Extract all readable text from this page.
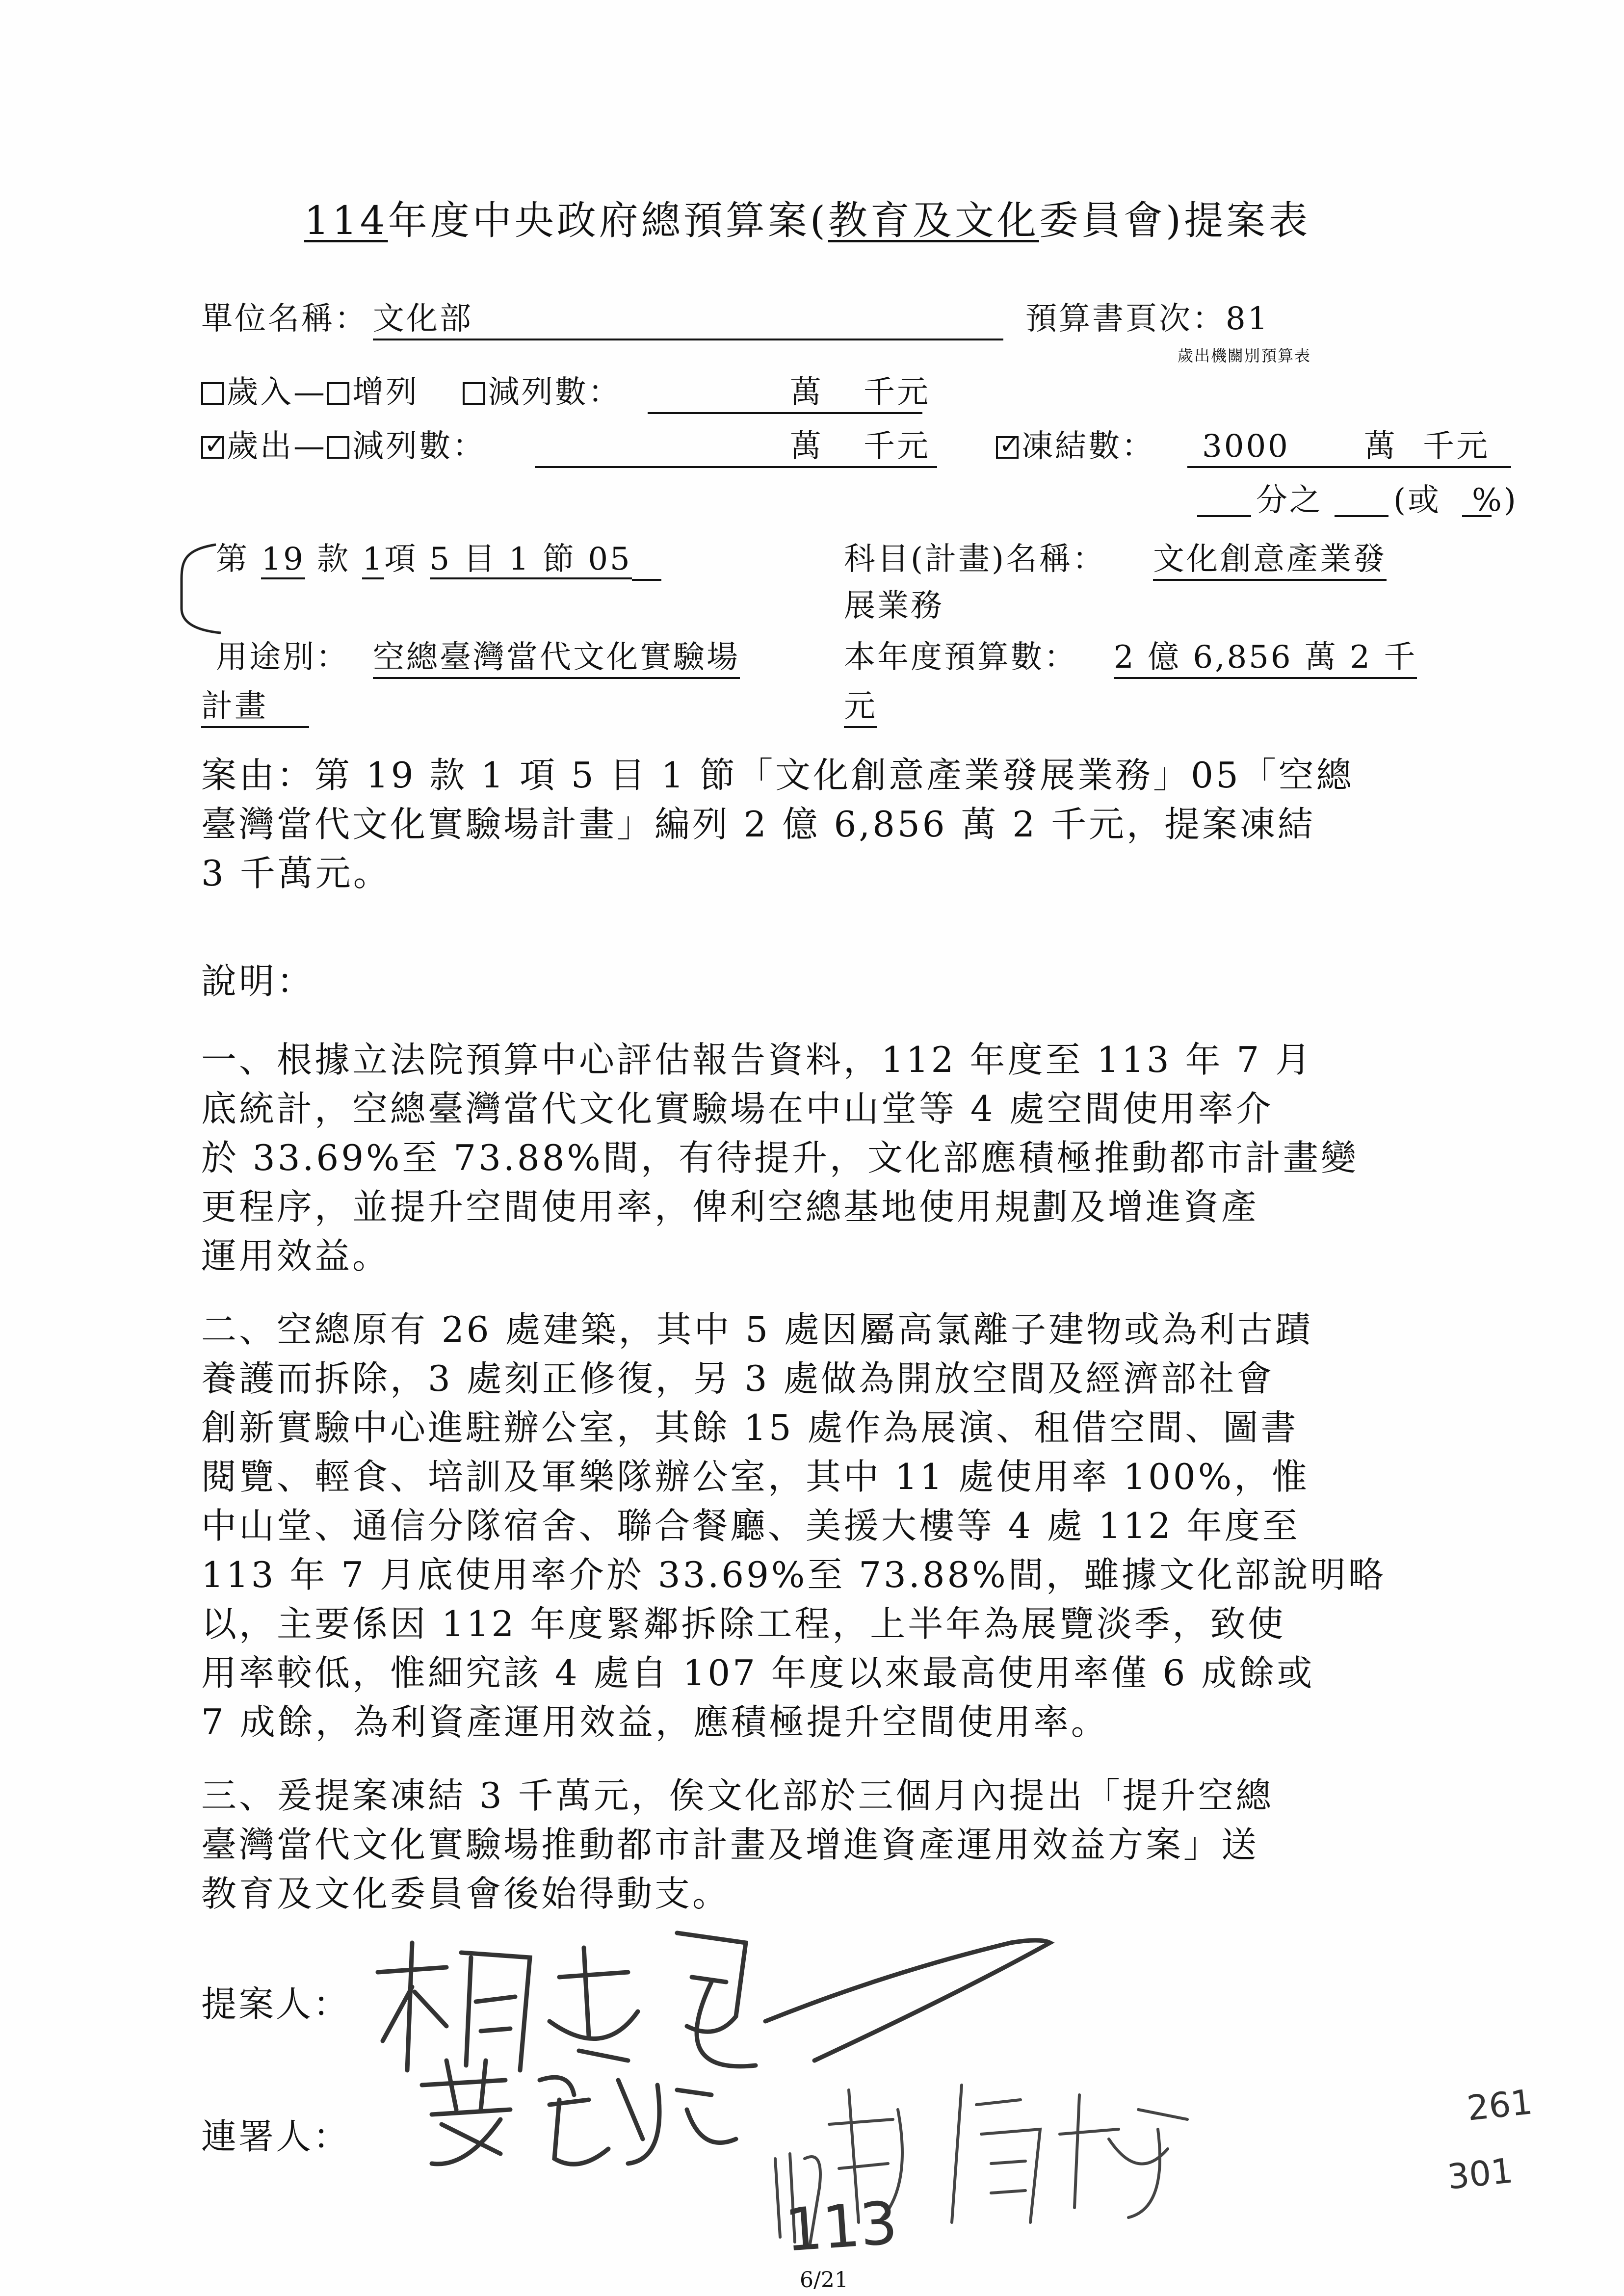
114年度中央政府總預算案(教育及文化委員會)提案表
單位名稱： 文化部	預算書頁次：81
歲出機關別預算表
歲入— 增列 減列數：	萬 千元
✓歲出— 減列數：	萬 千元
✓	凍結數： 3000 萬 千元
分之 (或 %)
第 19 款 1項 5 目 1 節 05	科目(計畫)名稱： 文化創意產業發
展業務
用途別： 空總臺灣當代文化實驗場
計畫
本年度預算數： 2 億 6,856 萬 2 千
元
案由：第 19 款 1 項 5 目 1 節「文化創意產業發展業務」05「空總
臺灣當代文化實驗場計畫」編列 2 億 6,856 萬 2 千元，提案凍結
3 千萬元。
說明：
一、根據立法院預算中心評估報告資料，112 年度至 113 年 7 月
底統計，空總臺灣當代文化實驗場在中山堂等 4 處空間使用率介
於 33.69%至 73.88%間，有待提升，文化部應積極推動都市計畫變
更程序，並提升空間使用率，俾利空總基地使用規劃及增進資產
運用效益。
二、空總原有 26 處建築，其中 5 處因屬高氯離子建物或為利古蹟
養護而拆除，3 處刻正修復，另 3 處做為開放空間及經濟部社會
創新實驗中心進駐辦公室，其餘 15 處作為展演、租借空間、圖書
閱覽、輕食、培訓及軍樂隊辦公室，其中 11 處使用率 100%，惟
中山堂、通信分隊宿舍、聯合餐廳、美援大樓等 4 處 112 年度至
113 年 7 月底使用率介於 33.69%至 73.88%間，雖據文化部說明略
以，主要係因 112 年度緊鄰拆除工程，上半年為展覽淡季，致使
用率較低，惟細究該 4 處自 107 年度以來最高使用率僅 6 成餘或
7 成餘，為利資產運用效益，應積極提升空間使用率。
三、爰提案凍結 3 千萬元，俟文化部於三個月內提出「提升空總
臺灣當代文化實驗場推動都市計畫及增進資產運用效益方案」送
教育及文化委員會後始得動支。
提案人：
連署人：
113
261
301
6/21
